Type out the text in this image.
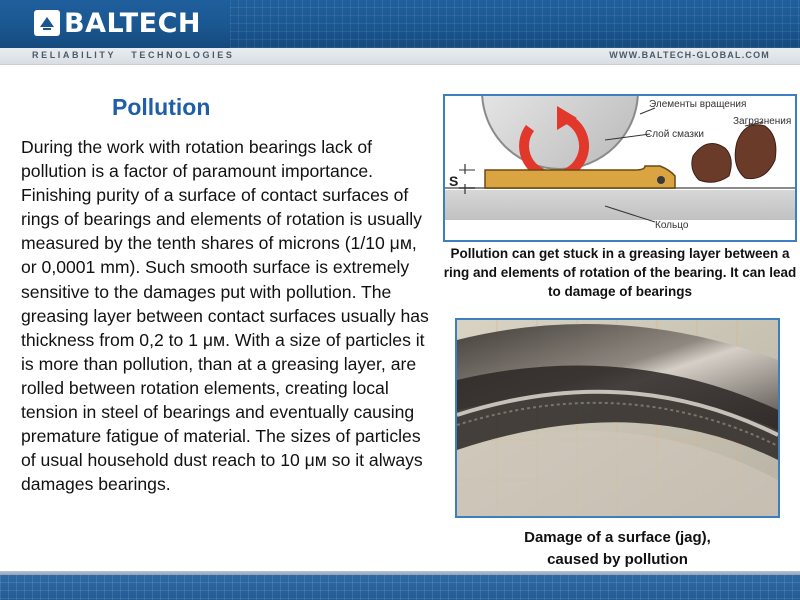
BALTECH
RELIABILITY   TECHNOLOGIES	WWW.BALTECH-GLOBAL.COM
Pollution

During the work with rotation bearings lack of pollution is a factor of paramount importance. Finishing purity of a surface of contact surfaces of rings of bearings and elements of rotation is usually measured by the tenth shares of microns (1/10 μм, or 0,0001 mm). Such smooth surface is extremely sensitive to the damages put with pollution. The greasing layer between contact surfaces usually has thickness from 0,2 to 1 μм. With a size of particles it is more than pollution, than at a greasing layer, are rolled between rotation elements, creating local tension in steel of bearings and eventually causing premature fatigue of material. The sizes of particles of usual household dust reach to 10 μм so it always damages bearings.

S
Элементы вращения
Загрязнения
Слой смазки
Кольцо
Pollution can get stuck in a greasing layer between a ring and elements of rotation of the bearing. It can lead to damage of bearings
Damage of a surface (jag),
caused by pollution
